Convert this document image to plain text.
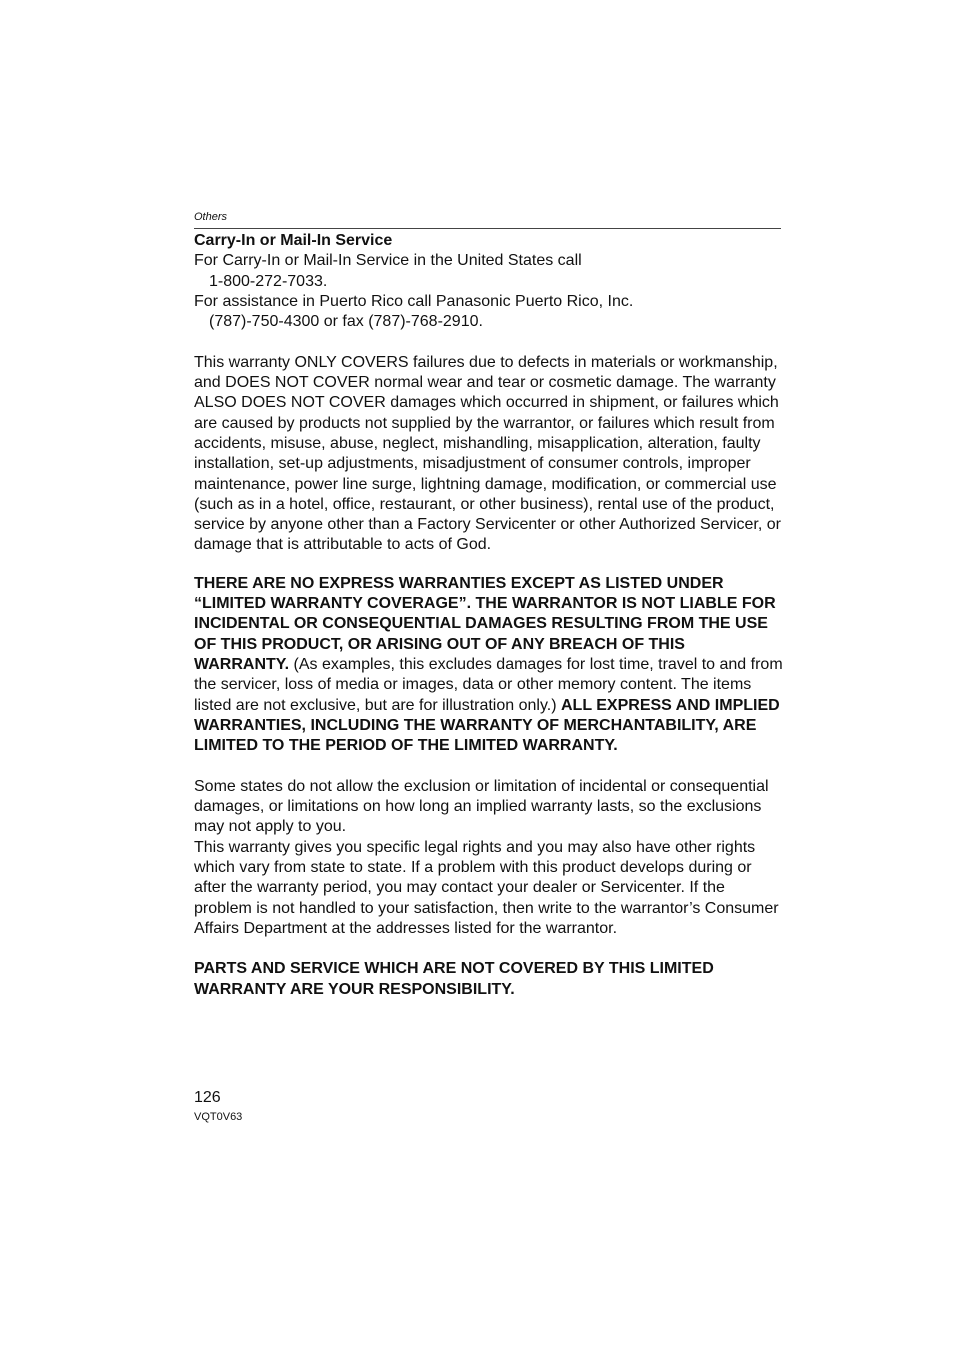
Others

Carry-In or Mail-In Service

For Carry-In or Mail-In Service in the United States call

1-800-272-7033.

For assistance in Puerto Rico call Panasonic Puerto Rico, Inc.

(787)-750-4300 or fax (787)-768-2910.

This warranty ONLY COVERS failures due to defects in materials or workmanship, and DOES NOT COVER normal wear and tear or cosmetic damage. The warranty ALSO DOES NOT COVER damages which occurred in shipment, or failures which are caused by products not supplied by the warrantor, or failures which result from accidents, misuse, abuse, neglect, mishandling, misapplication, alteration, faulty installation, set-up adjustments, misadjustment of consumer controls, improper maintenance, power line surge, lightning damage, modification, or commercial use (such as in a hotel, office, restaurant, or other business), rental use of the product, service by anyone other than a Factory Servicenter or other Authorized Servicer, or damage that is attributable to acts of God.

THERE ARE NO EXPRESS WARRANTIES EXCEPT AS LISTED UNDER “LIMITED WARRANTY COVERAGE”. THE WARRANTOR IS NOT LIABLE FOR INCIDENTAL OR CONSEQUENTIAL DAMAGES RESULTING FROM THE USE OF THIS PRODUCT, OR ARISING OUT OF ANY BREACH OF THIS WARRANTY. (As examples, this excludes damages for lost time, travel to and from the servicer, loss of media or images, data or other memory content. The items listed are not exclusive, but are for illustration only.) ALL EXPRESS AND IMPLIED WARRANTIES, INCLUDING THE WARRANTY OF MERCHANTABILITY, ARE LIMITED TO THE PERIOD OF THE LIMITED WARRANTY.

Some states do not allow the exclusion or limitation of incidental or consequential damages, or limitations on how long an implied warranty lasts, so the exclusions may not apply to you.

This warranty gives you specific legal rights and you may also have other rights which vary from state to state. If a problem with this product develops during or after the warranty period, you may contact your dealer or Servicenter. If the problem is not handled to your satisfaction, then write to the warrantor’s Consumer Affairs Department at the addresses listed for the warrantor.

PARTS AND SERVICE WHICH ARE NOT COVERED BY THIS LIMITED WARRANTY ARE YOUR RESPONSIBILITY.

126
VQT0V63
